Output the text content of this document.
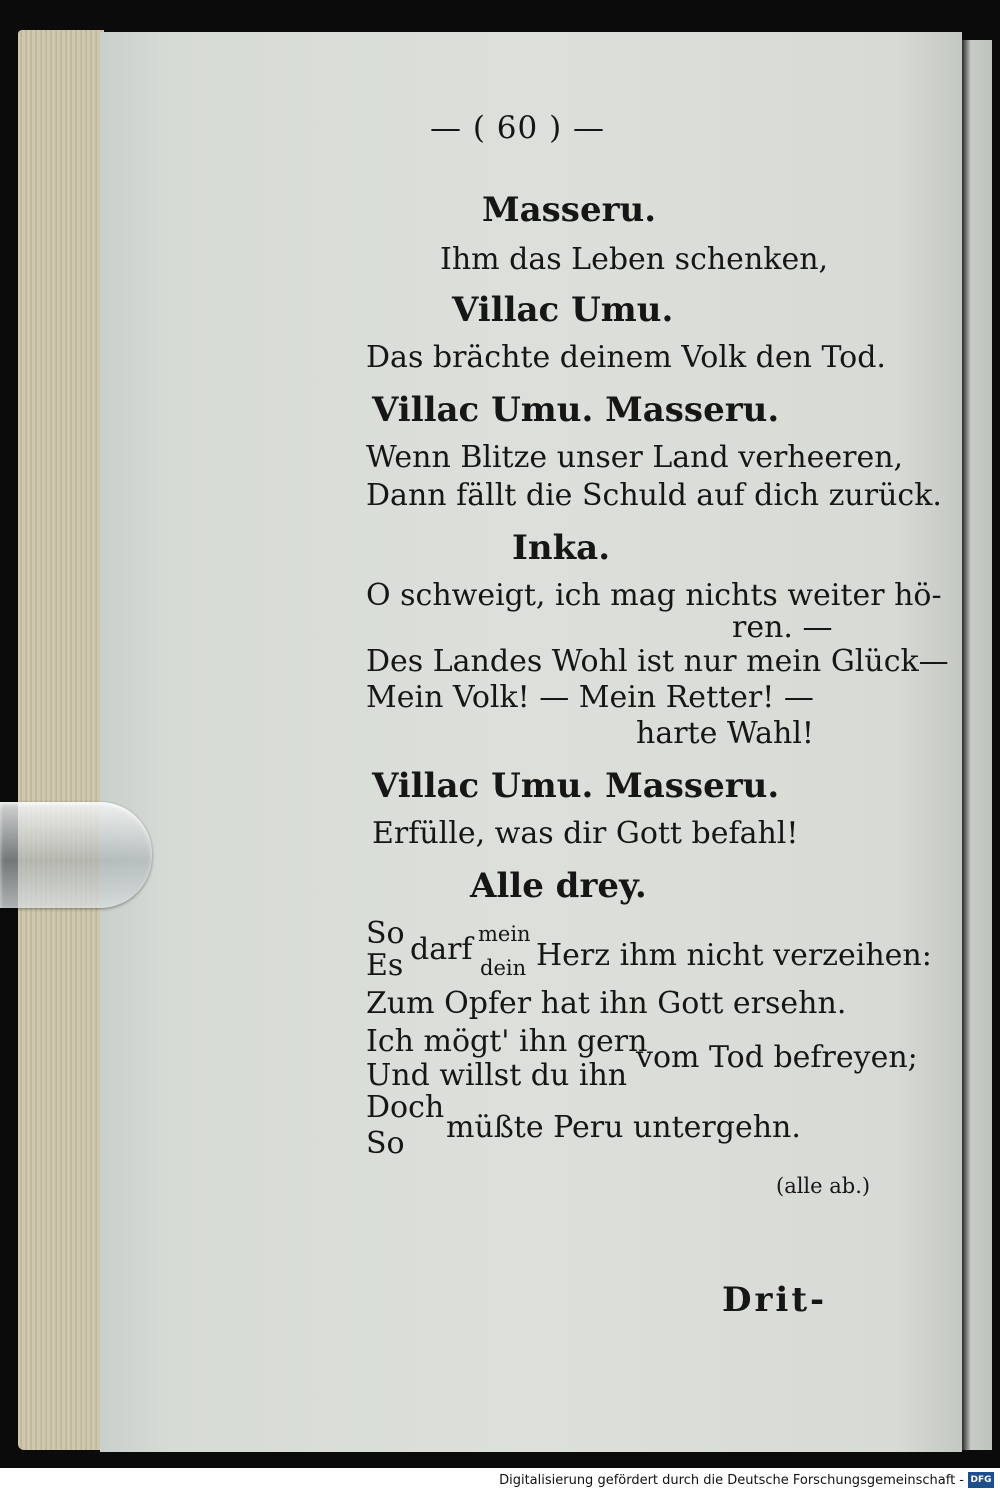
— ( 60 ) —
Masseru.
Ihm das Leben schenken,
Villac Umu.
Das brächte deinem Volk den Tod.
Villac Umu. Masseru.
Wenn Blitze unser Land verheeren,
Dann fällt die Schuld auf dich zurück.
Inka.
O schweigt, ich mag nichts weiter hö-
ren. —
Des Landes Wohl ist nur mein Glück—
Mein Volk! — Mein Retter! —
harte Wahl!
Villac Umu. Masseru.
Erfülle, was dir Gott befahl!
Alle drey.
So
Es darf mein
dein Herz ihm nicht verzeihen:
Zum Opfer hat ihn Gott ersehn.
Ich mögt' ihn gern
Und willst du ihn
vom Tod befreyen;
Doch
So müßte Peru untergehn.
(alle ab.)
Drit-
Digitalisierung gefördert durch die Deutsche Forschungsgemeinschaft - DFG
